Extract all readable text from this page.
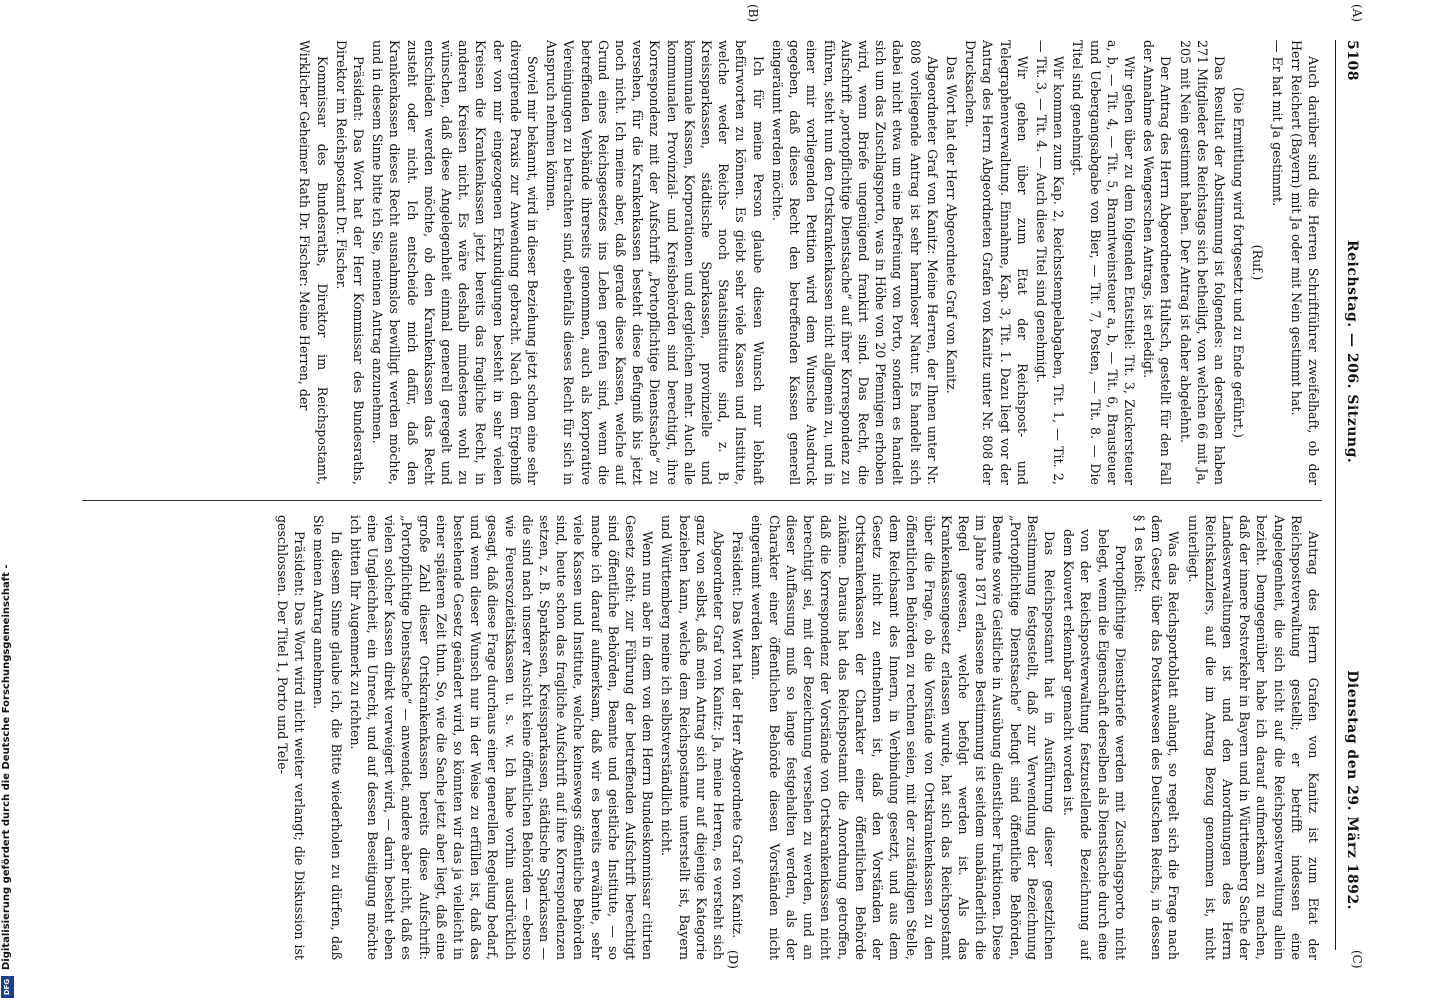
5108
Reichstag. — 206. Sitzung.
Dienstag den 29. März 1892.
(A)
(B)
(C)
(D)

Auch darüber sind die Herren Schriftführer zweifelhaft, ob der Herr Reichert (Bayern) mit Ja oder mit Nein gestimmt hat.

— Er hat mit Ja gestimmt.

(Ruf.)

(Die Ermittlung wird fortgesetzt und zu Ende geführt.)

Das Resultat der Abstimmung ist folgendes: an derselben haben 271 Mitglieder des Reichstags sich betheiligt, von welchen 66 mit Ja, 205 mit Nein gestimmt haben. Der Antrag ist daher abgelehnt.

Der Antrag des Herrn Abgeordneten Hultsch, gestellt für den Fall der Annahme des Wengerschen Antrags, ist erledigt.

Wir gehen über zu dem folgenden Etatstitel: Tit. 3, Zuckersteuer a, b, — Tit. 4, — Tit. 5, Branntweinsteuer a, b, — Tit. 6, Brausteuer und Uebergangsabgabe von Bier, — Tit. 7, Posten, — Tit. 8. — Die Titel sind genehmigt.

Wir kommen zum Kap. 2, Reichsstempelabgaben, Tit. 1, — Tit. 2, — Tit. 3, — Tit. 4. — Auch diese Titel sind genehmigt.

Wir gehen über zum Etat der Reichspost- und Telegraphenverwaltung. Einnahme, Kap. 3, Tit. 1. Dazu liegt vor der Antrag des Herrn Abgeordneten Grafen von Kanitz unter Nr. 808 der Drucksachen.

Das Wort hat der Herr Abgeordnete Graf von Kanitz.

Abgeordneter Graf von Kanitz: Meine Herren, der Ihnen unter Nr. 808 vorliegende Antrag ist sehr harmloser Natur. Es handelt sich dabei nicht etwa um eine Befreiung von Porto, sondern es handelt sich um das Zuschlagsporto, was in Höhe von 20 Pfennigen erhoben wird, wenn Briefe ungenügend frankirt sind. Das Recht, die Aufschrift „portopflichtige Dienstsache“ auf ihrer Korrespondenz zu führen, steht nun den Ortskrankenkassen nicht allgemein zu, und in einer mir vorliegenden Petition wird dem Wunsche Ausdruck gegeben, daß dieses Recht den betreffenden Kassen generell eingeräumt werden möchte.

Ich für meine Person glaube diesen Wunsch nur lebhaft befürworten zu können. Es giebt sehr viele Kassen und Institute, welche weder Reichs- noch Staatsinstitute sind, z. B. Kreissparkassen, städtische Sparkassen, provinzielle und kommunale Kassen, Korporationen und dergleichen mehr. Auch alle kommunalen Provinzial- und Kreisbehörden sind berechtigt, ihre Korrespondenz mit der Aufschrift „Portopflichtige Dienstsache“ zu versehen, für die Krankenkassen besteht diese Befugniß bis jetzt noch nicht. Ich meine aber, daß gerade diese Kassen, welche auf Grund eines Reichsgesetzes ins Leben gerufen sind, wenn die betreffenden Verbände ihrerseits genommen, auch als korporative Vereinigungen zu betrachten sind, ebenfalls dieses Recht für sich in Anspruch nehmen können.

Soviel mir bekannt, wird in dieser Beziehung jetzt schon eine sehr divergirende Praxis zur Anwendung gebracht. Nach dem Ergebniß der von mir eingezogenen Erkundigungen besteht in sehr vielen Kreisen die Krankenkassen jetzt bereits das fragliche Recht, in anderen Kreisen nicht. Es wäre deshalb mindestens wohl zu wünschen, daß diese Angelegenheit einmal generell geregelt und entschieden werden möchte, ob den Krankenkassen das Recht zusteht oder nicht. Ich entscheide mich dafür, daß den Krankenkassen dieses Recht ausnahmslos bewilligt werden möchte, und in diesem Sinne bitte ich Sie, meinen Antrag anzunehmen.

Präsident: Das Wort hat der Herr Kommissar des Bundesraths, Direktor im Reichspostamt Dr. Fischer.

Kommissar des Bundesraths, Direktor im Reichspostamt, Wirklicher Geheimer Rath Dr. Fischer: Meine Herren, der

Antrag des Herrn Grafen von Kanitz ist zum Etat der Reichspostverwaltung gestellt; er betrifft indessen eine Angelegenheit, die sich nicht auf die Reichspostverwaltung allein bezieht. Demgegenüber habe ich darauf aufmerksam zu machen, daß der innere Postverkehr in Bayern und in Württemberg Sache der Landesverwaltungen ist und den Anordnungen des Herrn Reichskanzlers, auf die im Antrag Bezug genommen ist, nicht unterliegt.

Was das Reichsportoblatt anlangt, so regelt sich die Frage nach dem Gesetz über das Posttaxwesen des Deutschen Reichs, in dessen § 1 es heißt:

Portopflichtige Dienstbriefe werden mit Zuschlagsporto nicht belegt, wenn die Eigenschaft derselben als Dienstsache durch eine von der Reichspostverwaltung festzustellende Bezeichnung auf dem Kouvert erkennbar gemacht worden ist.

Das Reichspostamt hat in Ausführung dieser gesetzlichen Bestimmung festgestellt, daß zur Verwendung der Bezeichnung „Portopflichtige Dienstsache“ befugt sind öffentliche Behörden, Beamte sowie Geistliche in Ausübung dienstlicher Funktionen. Diese im Jahre 1871 erlassene Bestimmung ist seitdem unabänderlich die Regel gewesen, welche befolgt werden ist. Als das Krankenkassengesetz erlassen wurde, hat sich das Reichspostamt über die Frage, ob die Vorstände von Ortskrankenkassen zu den öffentlichen Behörden zu rechnen seien, mit der zuständigen Stelle, dem Reichsamt des Innern, in Verbindung gesetzt, und aus dem Gesetz nicht zu entnehmen ist, daß den Vorständen der Ortskrankenkassen der Charakter einer öffentlichen Behörde zukäme. Daraus hat das Reichspostamt die Anordnung getroffen, daß die Korrespondenz der Vorstände von Ortskrankenkassen nicht berechtigt sei, mit der Bezeichnung versehen zu werden, und an dieser Auffassung muß so lange festgehalten werden, als der Charakter einer öffentlichen Behörde diesen Vorständen nicht eingeräumt werden kann.

Präsident: Das Wort hat der Herr Abgeordnete Graf von Kanitz.

Abgeordneter Graf von Kanitz: Ja, meine Herren, es versteht sich ganz von selbst, daß mein Antrag sich nur auf diejenige Kategorie beziehen kann, welche dem Reichspostamte unterstellt ist, Bayern und Württemberg meine ich selbstverständlich nicht.

Wenn nun aber in dem von dem Herrn Bundeskommissar citirten Gesetz steht: zur Führung der betreffenden Aufschrift berechtigt sind öffentliche Behörden, Beamte und geistliche Institute, — so mache ich darauf aufmerksam, daß wir es bereits erwähnte, sehr viele Kassen und Institute, welche keineswegs öffentliche Behörden sind, heute schon das fragliche Aufschrift auf ihre Korrespondenzen setzen, z. B. Sparkassen, Kreissparkassen, städtische Sparkassen — die sind nach unserer Ansicht keine öffentlichen Behörden — ebenso wie Feuersozietätskassen u. s. w. Ich habe vorhin ausdrücklich gesagt, daß diese Frage durchaus einer generellen Regelung bedarf, und wenn dieser Wunsch nur in der Weise zu erfüllen ist, daß das bestehende Gesetz geändert wird, so könnten wir das ja vielleicht in einer späteren Zeit thun. So, wie die Sache jetzt aber liegt, daß eine große Zahl dieser Ortskrankenkassen bereits diese Aufschrift: „Portopflichtige Dienstsache“ — anwendet, andere aber nicht, daß es vielen solcher Kassen direkt verweigert wird, — darin besteht eben eine Ungleichheit, ein Unrecht, und auf dessen Beseitigung möchte ich bitten Ihr Augenmerk zu richten.

In diesem Sinne glaube ich, die Bitte wiederholen zu dürfen, daß Sie meinen Antrag annehmen.

Präsident: Das Wort wird nicht weiter verlangt; die Diskussion ist geschlossen. Der Titel 1, Porto und Tele-

Digitalisierung gefördert durch die Deutsche Forschungsgemeinschaft -
DFG
